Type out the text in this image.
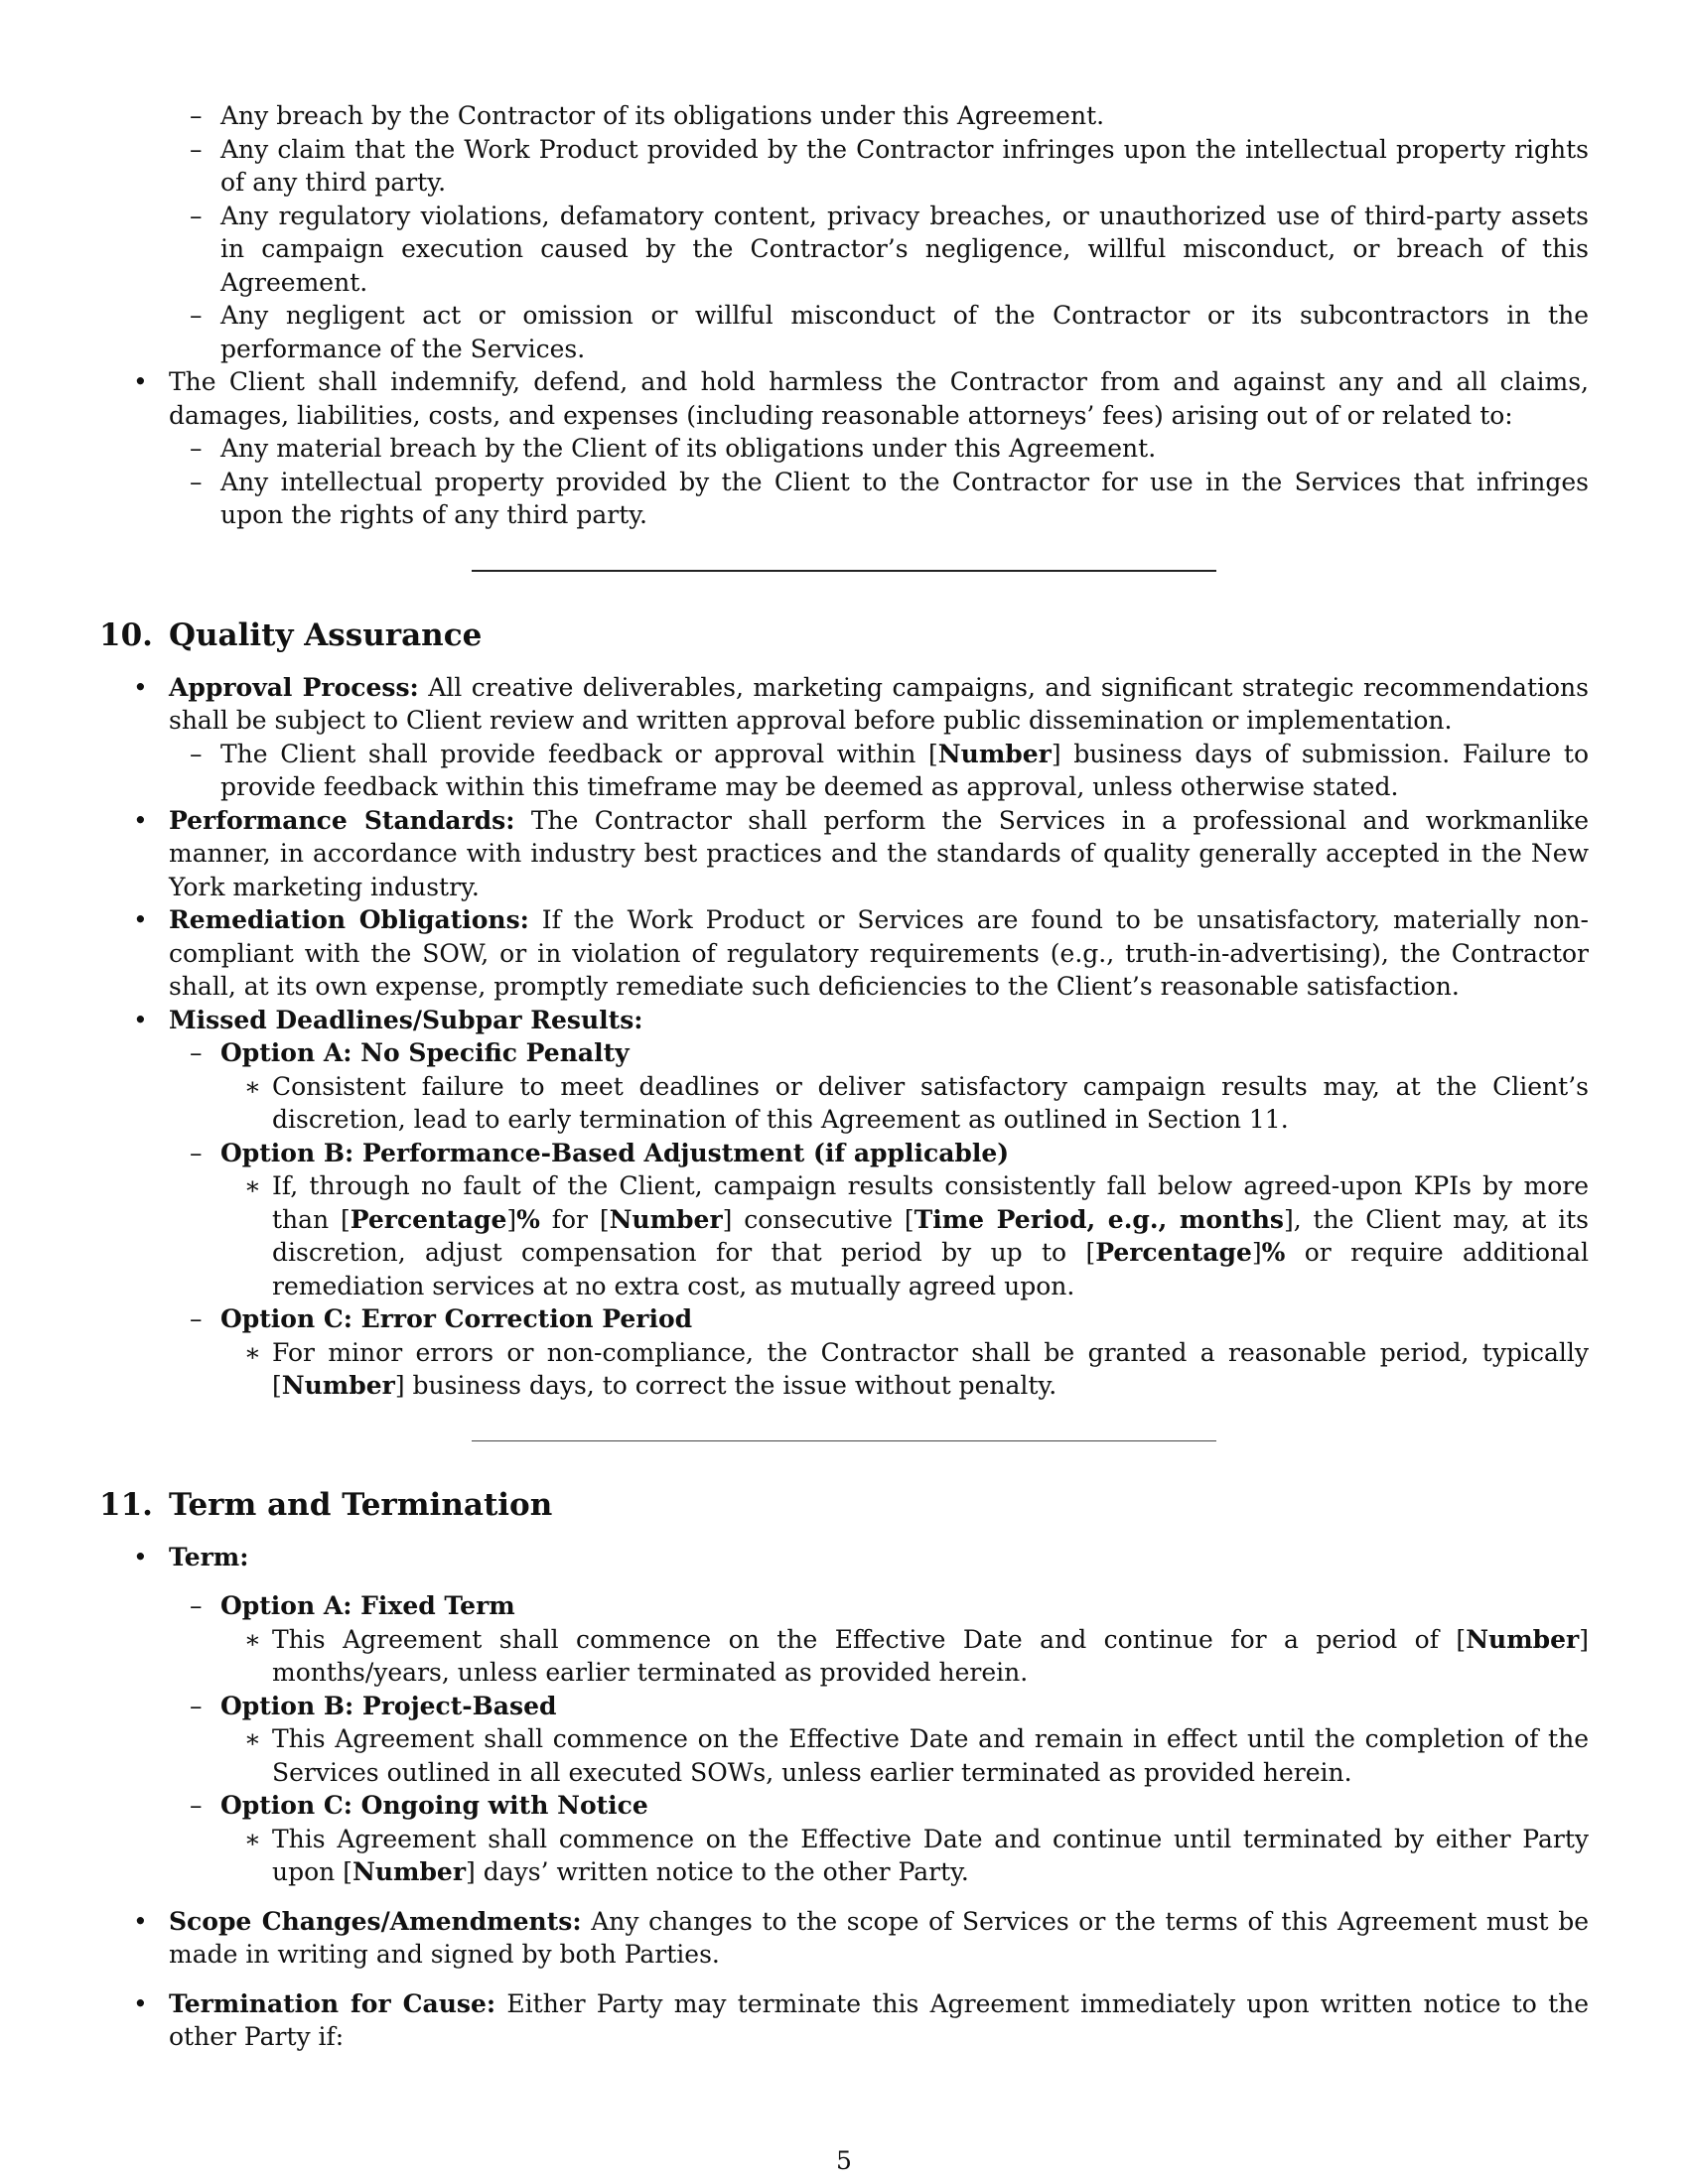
– Any breach by the Contractor of its obligations under this Agreement.
– Any claim that the Work Product provided by the Contractor infringes upon the intellectual property rights of any third party.
– Any regulatory violations, defamatory content, privacy breaches, or unauthorized use of third-party assets in campaign execution caused by the Contractor’s negligence, willful misconduct, or breach of this Agreement.
– Any negligent act or omission or willful misconduct of the Contractor or its subcontractors in the performance of the Services.
• The Client shall indemnify, defend, and hold harmless the Contractor from and against any and all claims, damages, liabilities, costs, and expenses (including reasonable attorneys’ fees) arising out of or related to:
– Any material breach by the Client of its obligations under this Agreement.
– Any intellectual property provided by the Client to the Contractor for use in the Services that infringes upon the rights of any third party.
10. Quality Assurance
• Approval Process: All creative deliverables, marketing campaigns, and significant strategic recommendations shall be subject to Client review and written approval before public dissemination or implementation.
– The Client shall provide feedback or approval within [Number] business days of submission. Failure to provide feedback within this timeframe may be deemed as approval, unless otherwise stated.
• Performance Standards: The Contractor shall perform the Services in a professional and workmanlike manner, in accordance with industry best practices and the standards of quality generally accepted in the New York marketing industry.
• Remediation Obligations: If the Work Product or Services are found to be unsatisfactory, materially non-compliant with the SOW, or in violation of regulatory requirements (e.g., truth-in-advertising), the Contractor shall, at its own expense, promptly remediate such deficiencies to the Client’s reasonable satisfaction.
• Missed Deadlines/Subpar Results:
– Option A: No Specific Penalty
∗ Consistent failure to meet deadlines or deliver satisfactory campaign results may, at the Client’s discretion, lead to early termination of this Agreement as outlined in Section 11.
– Option B: Performance-Based Adjustment (if applicable)
∗ If, through no fault of the Client, campaign results consistently fall below agreed-upon KPIs by more than [Percentage]% for [Number] consecutive [Time Period, e.g., months], the Client may, at its discretion, adjust compensation for that period by up to [Percentage]% or require additional remediation services at no extra cost, as mutually agreed upon.
– Option C: Error Correction Period
∗ For minor errors or non-compliance, the Contractor shall be granted a reasonable period, typically [Number] business days, to correct the issue without penalty.
11. Term and Termination
• Term:
– Option A: Fixed Term
∗ This Agreement shall commence on the Effective Date and continue for a period of [Number] months/years, unless earlier terminated as provided herein.
– Option B: Project-Based
∗ This Agreement shall commence on the Effective Date and remain in effect until the completion of the Services outlined in all executed SOWs, unless earlier terminated as provided herein.
– Option C: Ongoing with Notice
∗ This Agreement shall commence on the Effective Date and continue until terminated by either Party upon [Number] days’ written notice to the other Party.
• Scope Changes/Amendments: Any changes to the scope of Services or the terms of this Agreement must be made in writing and signed by both Parties.
• Termination for Cause: Either Party may terminate this Agreement immediately upon written notice to the other Party if:
5
